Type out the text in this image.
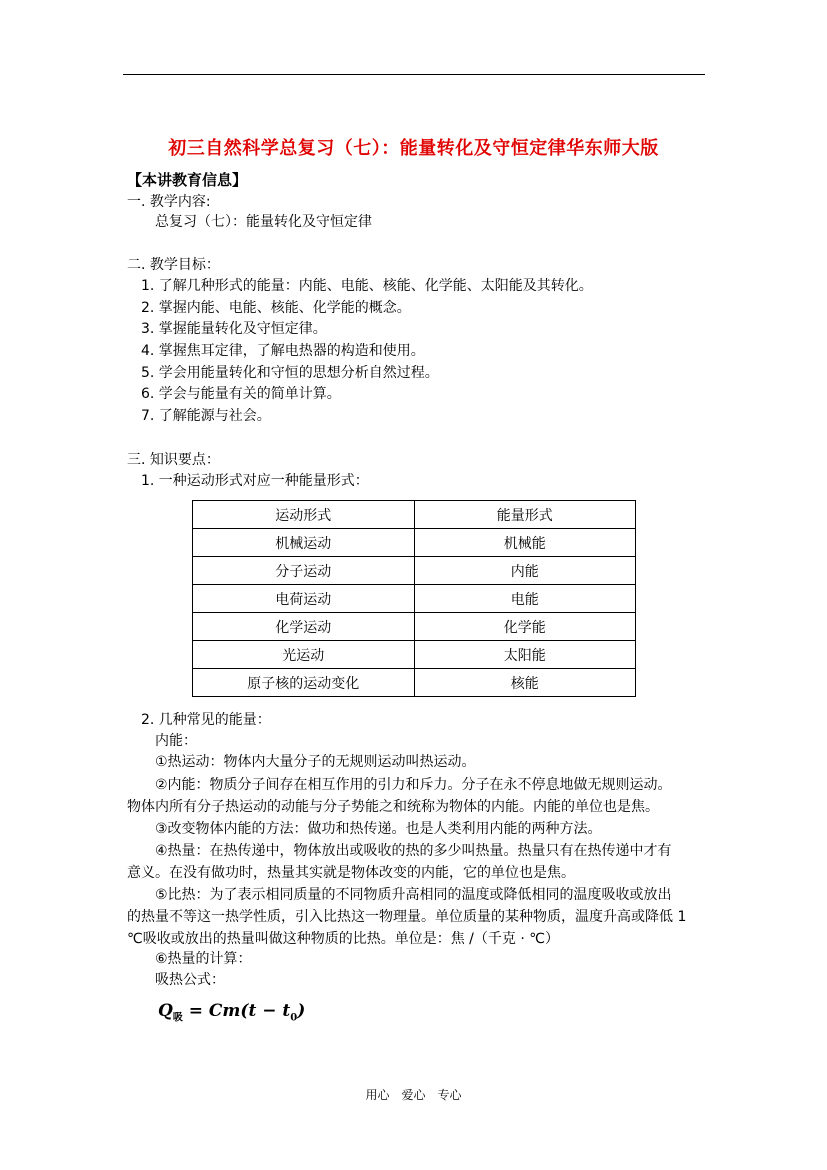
初三自然科学总复习（七）：能量转化及守恒定律华东师大版
【本讲教育信息】
一. 教学内容:
总复习（七）：能量转化及守恒定律
二. 教学目标：
1. 了解几种形式的能量：内能、电能、核能、化学能、太阳能及其转化。
2. 掌握内能、电能、核能、化学能的概念。
3. 掌握能量转化及守恒定律。
4. 掌握焦耳定律，了解电热器的构造和使用。
5. 学会用能量转化和守恒的思想分析自然过程。
6. 学会与能量有关的简单计算。
7. 了解能源与社会。
三. 知识要点：
1. 一种运动形式对应一种能量形式：
运动形式	能量形式
机械运动	机械能
分子运动	内能
电荷运动	电能
化学运动	化学能
光运动	太阳能
原子核的运动变化	核能
2. 几种常见的能量：
内能：
①热运动：物体内大量分子的无规则运动叫热运动。
②内能：物质分子间存在相互作用的引力和斥力。分子在永不停息地做无规则运动。
物体内所有分子热运动的动能与分子势能之和统称为物体的内能。内能的单位也是焦。
③改变物体内能的方法：做功和热传递。也是人类利用内能的两种方法。
④热量：在热传递中，物体放出或吸收的热的多少叫热量。热量只有在热传递中才有
意义。在没有做功时，热量其实就是物体改变的内能，它的单位也是焦。
⑤比热：为了表示相同质量的不同物质升高相同的温度或降低相同的温度吸收或放出
的热量不等这一热学性质，引入比热这一物理量。单位质量的某种物质，温度升高或降低 1
℃吸收或放出的热量叫做这种物质的比热。单位是：焦 /（千克 · ℃）
⑥热量的计算：
吸热公式：
$Q_吸 = Cm(t - t_0)$
用心　爱心　专心
